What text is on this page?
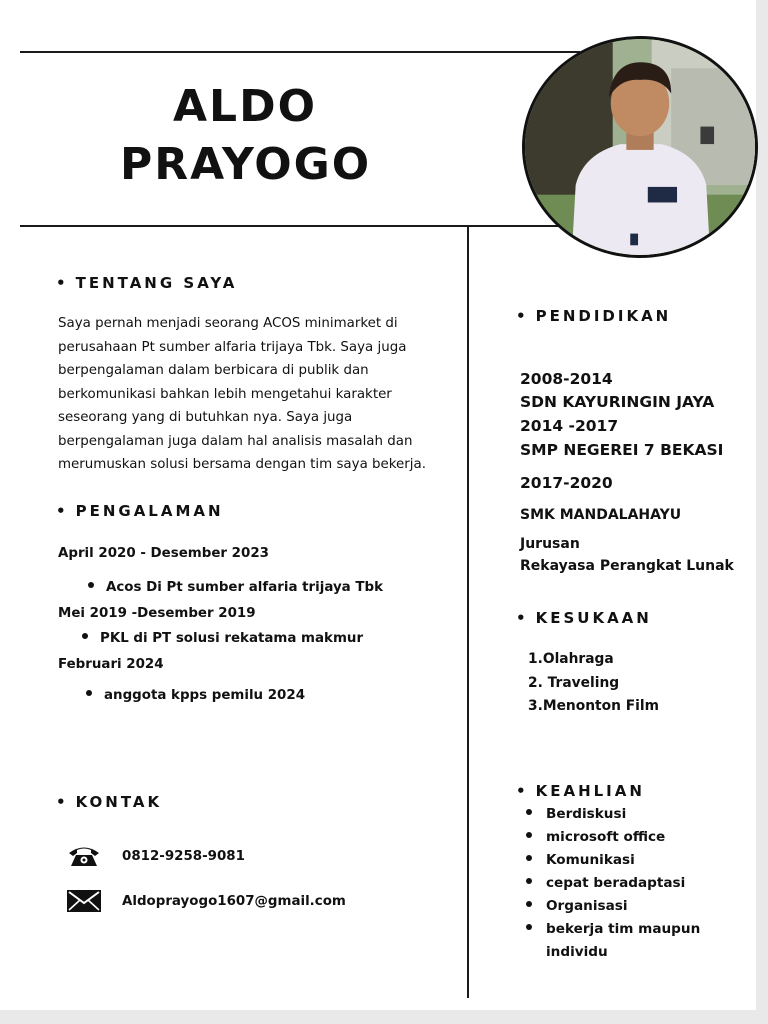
ALDO
PRAYOGO
• TENTANG SAYA
Saya pernah menjadi seorang ACOS minimarket di perusahaan Pt sumber alfaria trijaya Tbk. Saya juga berpengalaman dalam berbicara di publik dan berkomunikasi bahkan lebih mengetahui karakter seseorang yang di butuhkan nya. Saya juga berpengalaman juga dalam hal analisis masalah dan merumuskan solusi bersama dengan tim saya bekerja.
• PENGALAMAN
April 2020 - Desember 2023
Acos Di Pt sumber alfaria trijaya Tbk
Mei 2019 -Desember 2019
PKL di PT solusi rekatama makmur
Februari 2024
anggota kpps pemilu 2024
• KONTAK
0812-9258-9081
Aldoprayogo1607@gmail.com
• PENDIDIKAN
2008-2014
SDN KAYURINGIN JAYA
2014 -2017
SMP NEGEREI 7 BEKASI
2017-2020
SMK MANDALAHAYU
Jurusan
Rekayasa Perangkat Lunak
• KESUKAAN
1.Olahraga
2. Traveling
3.Menonton Film
• KEAHLIAN
Berdiskusi
microsoft office
Komunikasi
cepat beradaptasi
Organisasi
bekerja tim maupun
individu
